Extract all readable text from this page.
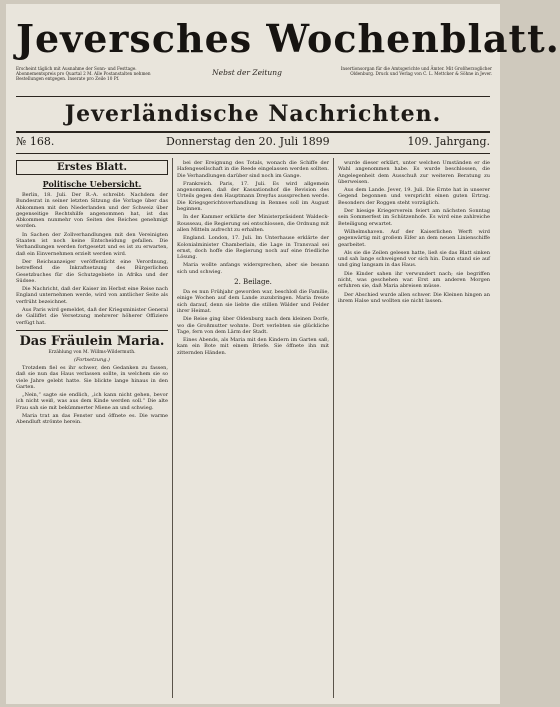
Jeversches Wochenblatt.
Erscheint täglich mit Ausnahme der Sonn- und Festtage. Abonnementspreis pro Quartal 2 M. Alle Postanstalten nehmen Bestellungen entgegen. Inserate pro Zeile 10 Pf.
Nebst der Zeitung	Insertionsorgan für die Amtsgerichte und Ämter. Mit Großherzoglicher Oldenburg. Druck und Verlag von C. L. Mettcker & Söhne in Jever.
Jeverländische Nachrichten.
№ 168.	Donnerstag den 20. Juli 1899	109. Jahrgang.
Erstes Blatt.
Politische Uebersicht.
Berlin, 18. Juli. Der R.-A. schreibt: Nachdem der Bundesrat in seiner letzten Sitzung die Vorlage über das Abkommen mit den Niederlanden und der Schweiz über gegenseitige Rechtshilfe angenommen hat, ist das Abkommen nunmehr von Seiten des Reiches genehmigt worden.
In Sachen der Zollverhandlungen mit den Vereinigten Staaten ist noch keine Entscheidung gefallen. Die Verhandlungen werden fortgesetzt und es ist zu erwarten, daß ein Einvernehmen erzielt werden wird.
Der Reichsanzeiger veröffentlicht eine Verordnung, betreffend die Inkraftsetzung des Bürgerlichen Gesetzbuches für die Schutzgebiete in Afrika und der Südsee.
Die Nachricht, daß der Kaiser im Herbst eine Reise nach England unternehmen werde, wird von amtlicher Seite als verfrüht bezeichnet.
Aus Paris wird gemeldet, daß der Kriegsminister General de Galliffet die Versetzung mehrerer höherer Offiziere verfügt hat.
Das Fräulein Maria.
Erzählung von M. Willms-Wildermuth.
(Fortsetzung.)
Trotzdem fiel es ihr schwer, den Gedanken zu fassen, daß sie nun das Haus verlassen sollte, in welchem sie so viele Jahre gelebt hatte. Sie blickte lange hinaus in den Garten.
„Nein,“ sagte sie endlich, „ich kann nicht gehen, bevor ich nicht weiß, was aus dem Kinde werden soll.“ Die alte Frau sah sie mit bekümmerter Miene an und schwieg.
Maria trat an das Fenster und öffnete es. Die warme Abendluft strömte herein.
bei der Ereignung des Totals, wonach die Schiffe der Hafengesellschaft in die Reede eingelassen werden sollten. Die Verhandlungen darüber sind noch im Gange.
Frankreich. Paris, 17. Juli. Es wird allgemein angenommen, daß der Kassationshof die Revision des Urteils gegen den Hauptmann Dreyfus aussprechen werde. Die Kriegsgerichtsverhandlung in Rennes soll im August beginnen.
In der Kammer erklärte der Ministerpräsident Waldeck-Rousseau, die Regierung sei entschlossen, die Ordnung mit allen Mitteln aufrecht zu erhalten.
England. London, 17. Juli. Im Unterhause erklärte der Kolonialminister Chamberlain, die Lage in Transvaal sei ernst, doch hoffe die Regierung noch auf eine friedliche Lösung.
Maria wollte anfangs widersprechen, aber sie besann sich und schwieg.
2. Beilage.
Da es nun Frühjahr geworden war, beschloß die Familie, einige Wochen auf dem Lande zuzubringen. Maria freute sich darauf, denn sie liebte die stillen Wälder und Felder ihrer Heimat.
Die Reise ging über Oldenburg nach dem kleinen Dorfe, wo die Großmutter wohnte. Dort verlebten sie glückliche Tage, fern von dem Lärm der Stadt.
Eines Abends, als Maria mit den Kindern im Garten saß, kam ein Bote mit einem Briefe. Sie öffnete ihn mit zitternden Händen.
wurde dieser erklärt, unter welchen Umständen er die Wahl angenommen habe. Es wurde beschlossen, die Angelegenheit dem Ausschuß zur weiteren Beratung zu überweisen.
Aus dem Lande. Jever, 19. Juli. Die Ernte hat in unserer Gegend begonnen und verspricht einen guten Ertrag. Besonders der Roggen steht vorzüglich.
Der hiesige Kriegerverein feiert am nächsten Sonntag sein Sommerfest im Schützenhofe. Es wird eine zahlreiche Beteiligung erwartet.
Wilhelmshaven. Auf der Kaiserlichen Werft wird gegenwärtig mit großem Eifer an dem neuen Linienschiffe gearbeitet.
Als sie die Zeilen gelesen hatte, ließ sie das Blatt sinken und sah lange schweigend vor sich hin. Dann stand sie auf und ging langsam in das Haus.
Die Kinder sahen ihr verwundert nach; sie begriffen nicht, was geschehen war. Erst am anderen Morgen erfuhren sie, daß Maria abreisen müsse.
Der Abschied wurde allen schwer. Die Kleinen hingen an ihrem Halse und wollten sie nicht lassen.
